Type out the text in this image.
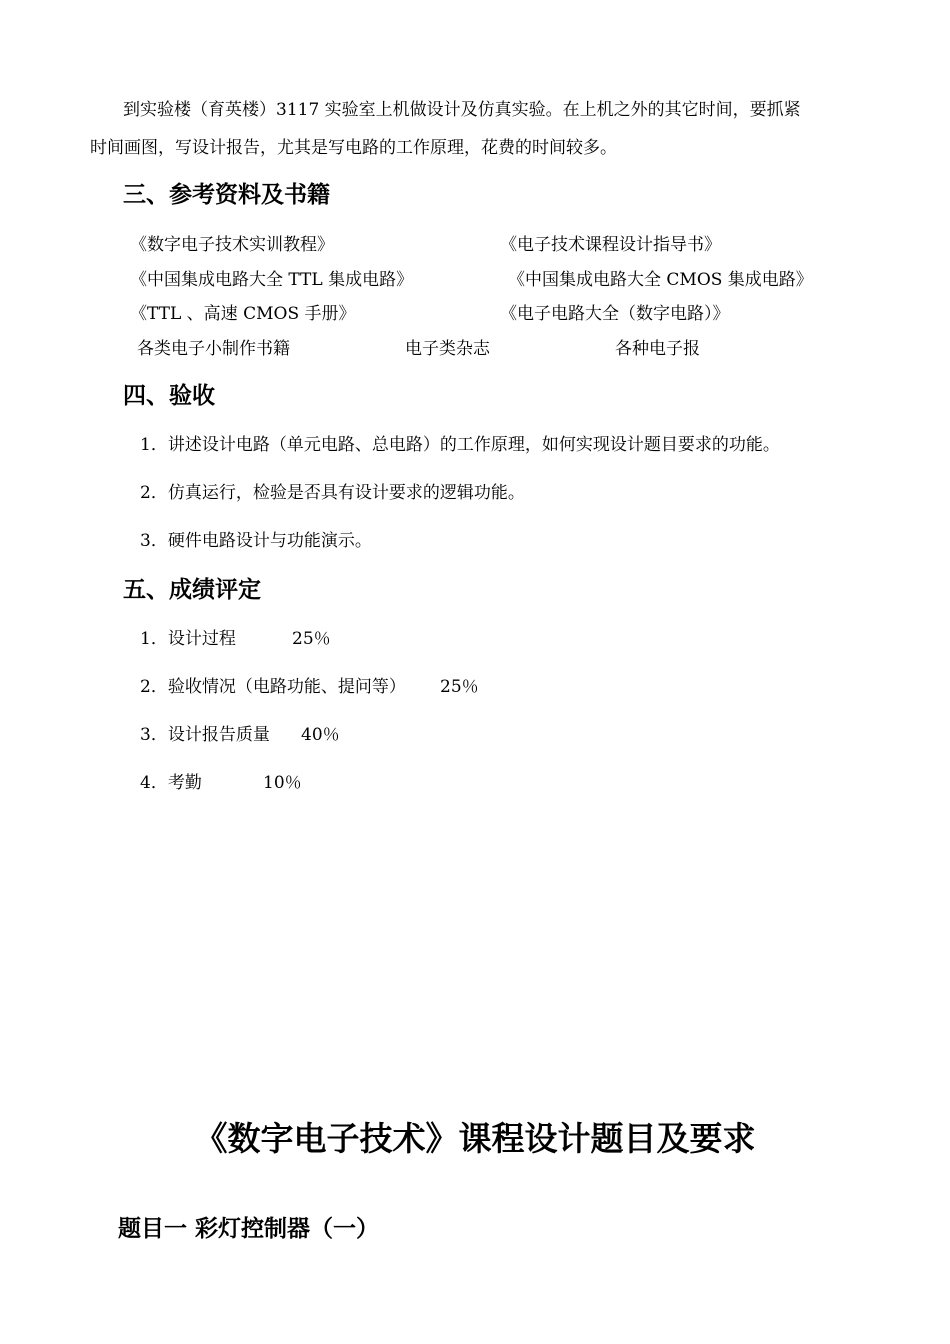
到实验楼（育英楼）3117 实验室上机做设计及仿真实验。在上机之外的其它时间，要抓紧
时间画图，写设计报告，尤其是写电路的工作原理，花费的时间较多。
三、参考资料及书籍
《数字电子技术实训教程》	《电子技术课程设计指导书》
《中国集成电路大全 TTL 集成电路》	《中国集成电路大全 CMOS 集成电路》
《TTL 、高速 CMOS 手册》	《电子电路大全（数字电路）》
各类电子小制作书籍	电子类杂志	各种电子报
四、验收
1．讲述设计电路（单元电路、总电路）的工作原理，如何实现设计题目要求的功能。
2．仿真运行，检验是否具有设计要求的逻辑功能。
3．硬件电路设计与功能演示。
五、成绩评定
1．设计过程	25％
2．验收情况（电路功能、提问等） 25％
3．设计报告质量 40％
4．考勤	10％
《数字电子技术》课程设计题目及要求
题目一 彩灯控制器（一）
